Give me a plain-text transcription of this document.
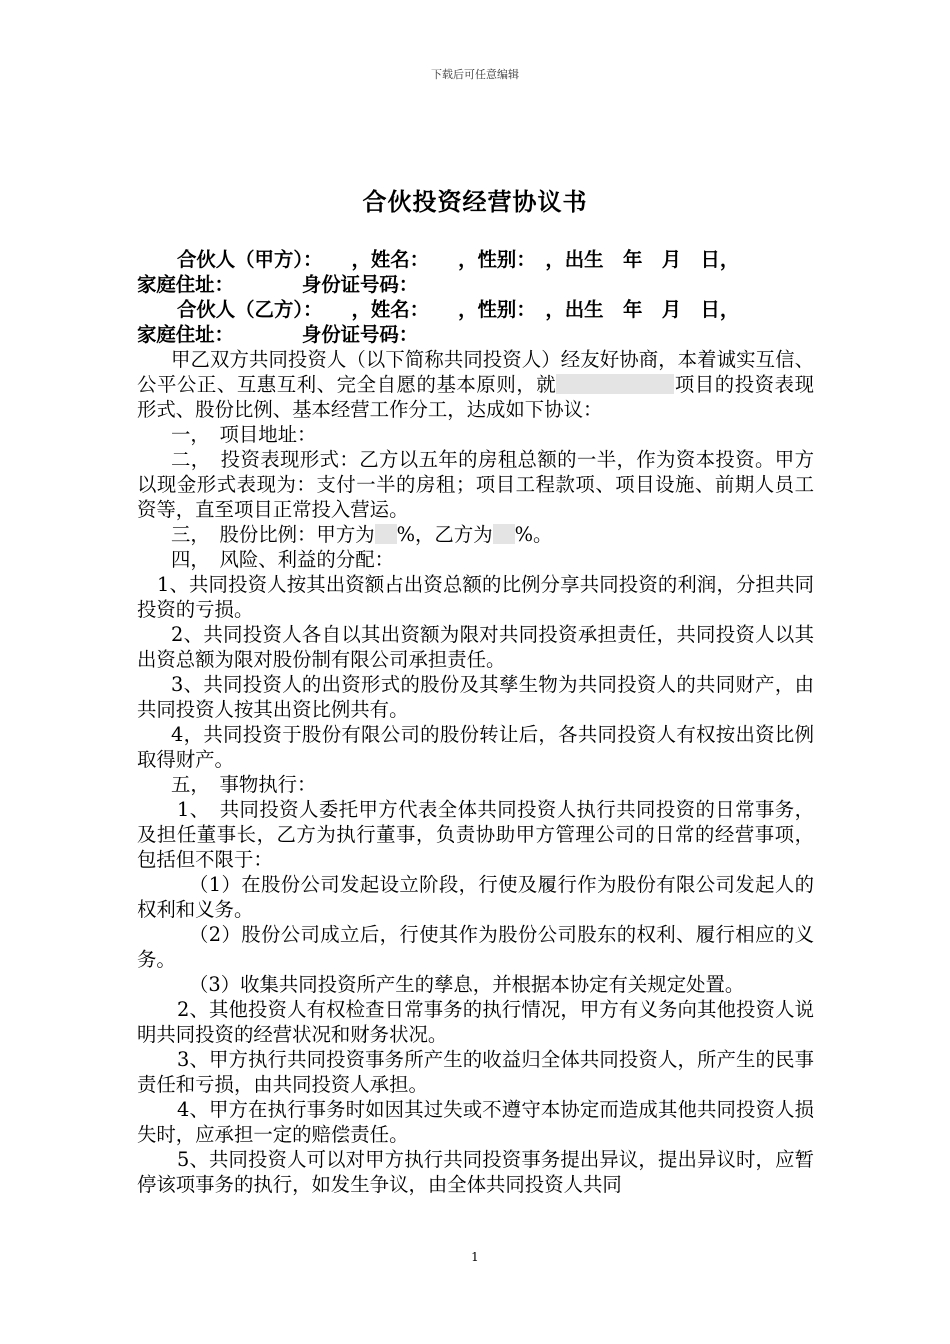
下载后可任意编辑
合伙投资经营协议书

合伙人（甲方）：　　，姓名：　　，性别：　，出生　年　月　日，

家庭住址：　　　　身份证号码：

合伙人（乙方）：　　，姓名：　　，性别：　，出生　年　月　日，

家庭住址：　　　　身份证号码：

甲乙双方共同投资人（以下简称共同投资人）经友好协商，本着诚实互信、公平公正、互惠互利、完全自愿的基本原则，就	项目的投资表现形式、股份比例、基本经营工作分工，达成如下协议：

一，　项目地址：

二，　投资表现形式：乙方以五年的房租总额的一半，作为资本投资。甲方以现金形式表现为：支付一半的房租；项目工程款项、项目设施、前期人员工资等，直至项目正常投入营运。

三，　股份比例：甲方为 %，乙方为 %。

四，　风险、利益的分配：

1、共同投资人按其出资额占出资总额的比例分享共同投资的利润，分担共同投资的亏损。

2、共同投资人各自以其出资额为限对共同投资承担责任，共同投资人以其出资总额为限对股份制有限公司承担责任。

3、共同投资人的出资形式的股份及其孳生物为共同投资人的共同财产，由共同投资人按其出资比例共有。

4，共同投资于股份有限公司的股份转让后，各共同投资人有权按出资比例取得财产。

五，　事物执行：

1、　共同投资人委托甲方代表全体共同投资人执行共同投资的日常事务，及担任董事长，乙方为执行董事，负责协助甲方管理公司的日常的经营事项，包括但不限于：

（1）在股份公司发起设立阶段，行使及履行作为股份有限公司发起人的权利和义务。

（2）股份公司成立后，行使其作为股份公司股东的权利、履行相应的义务。

（3）收集共同投资所产生的孳息，并根据本协定有关规定处置。

2、其他投资人有权检查日常事务的执行情况，甲方有义务向其他投资人说明共同投资的经营状况和财务状况。

3、甲方执行共同投资事务所产生的收益归全体共同投资人，所产生的民事责任和亏损，由共同投资人承担。

4、甲方在执行事务时如因其过失或不遵守本协定而造成其他共同投资人损失时，应承担一定的赔偿责任。

5、共同投资人可以对甲方执行共同投资事务提出异议，提出异议时，应暂停该项事务的执行，如发生争议，由全体共同投资人共同

1
